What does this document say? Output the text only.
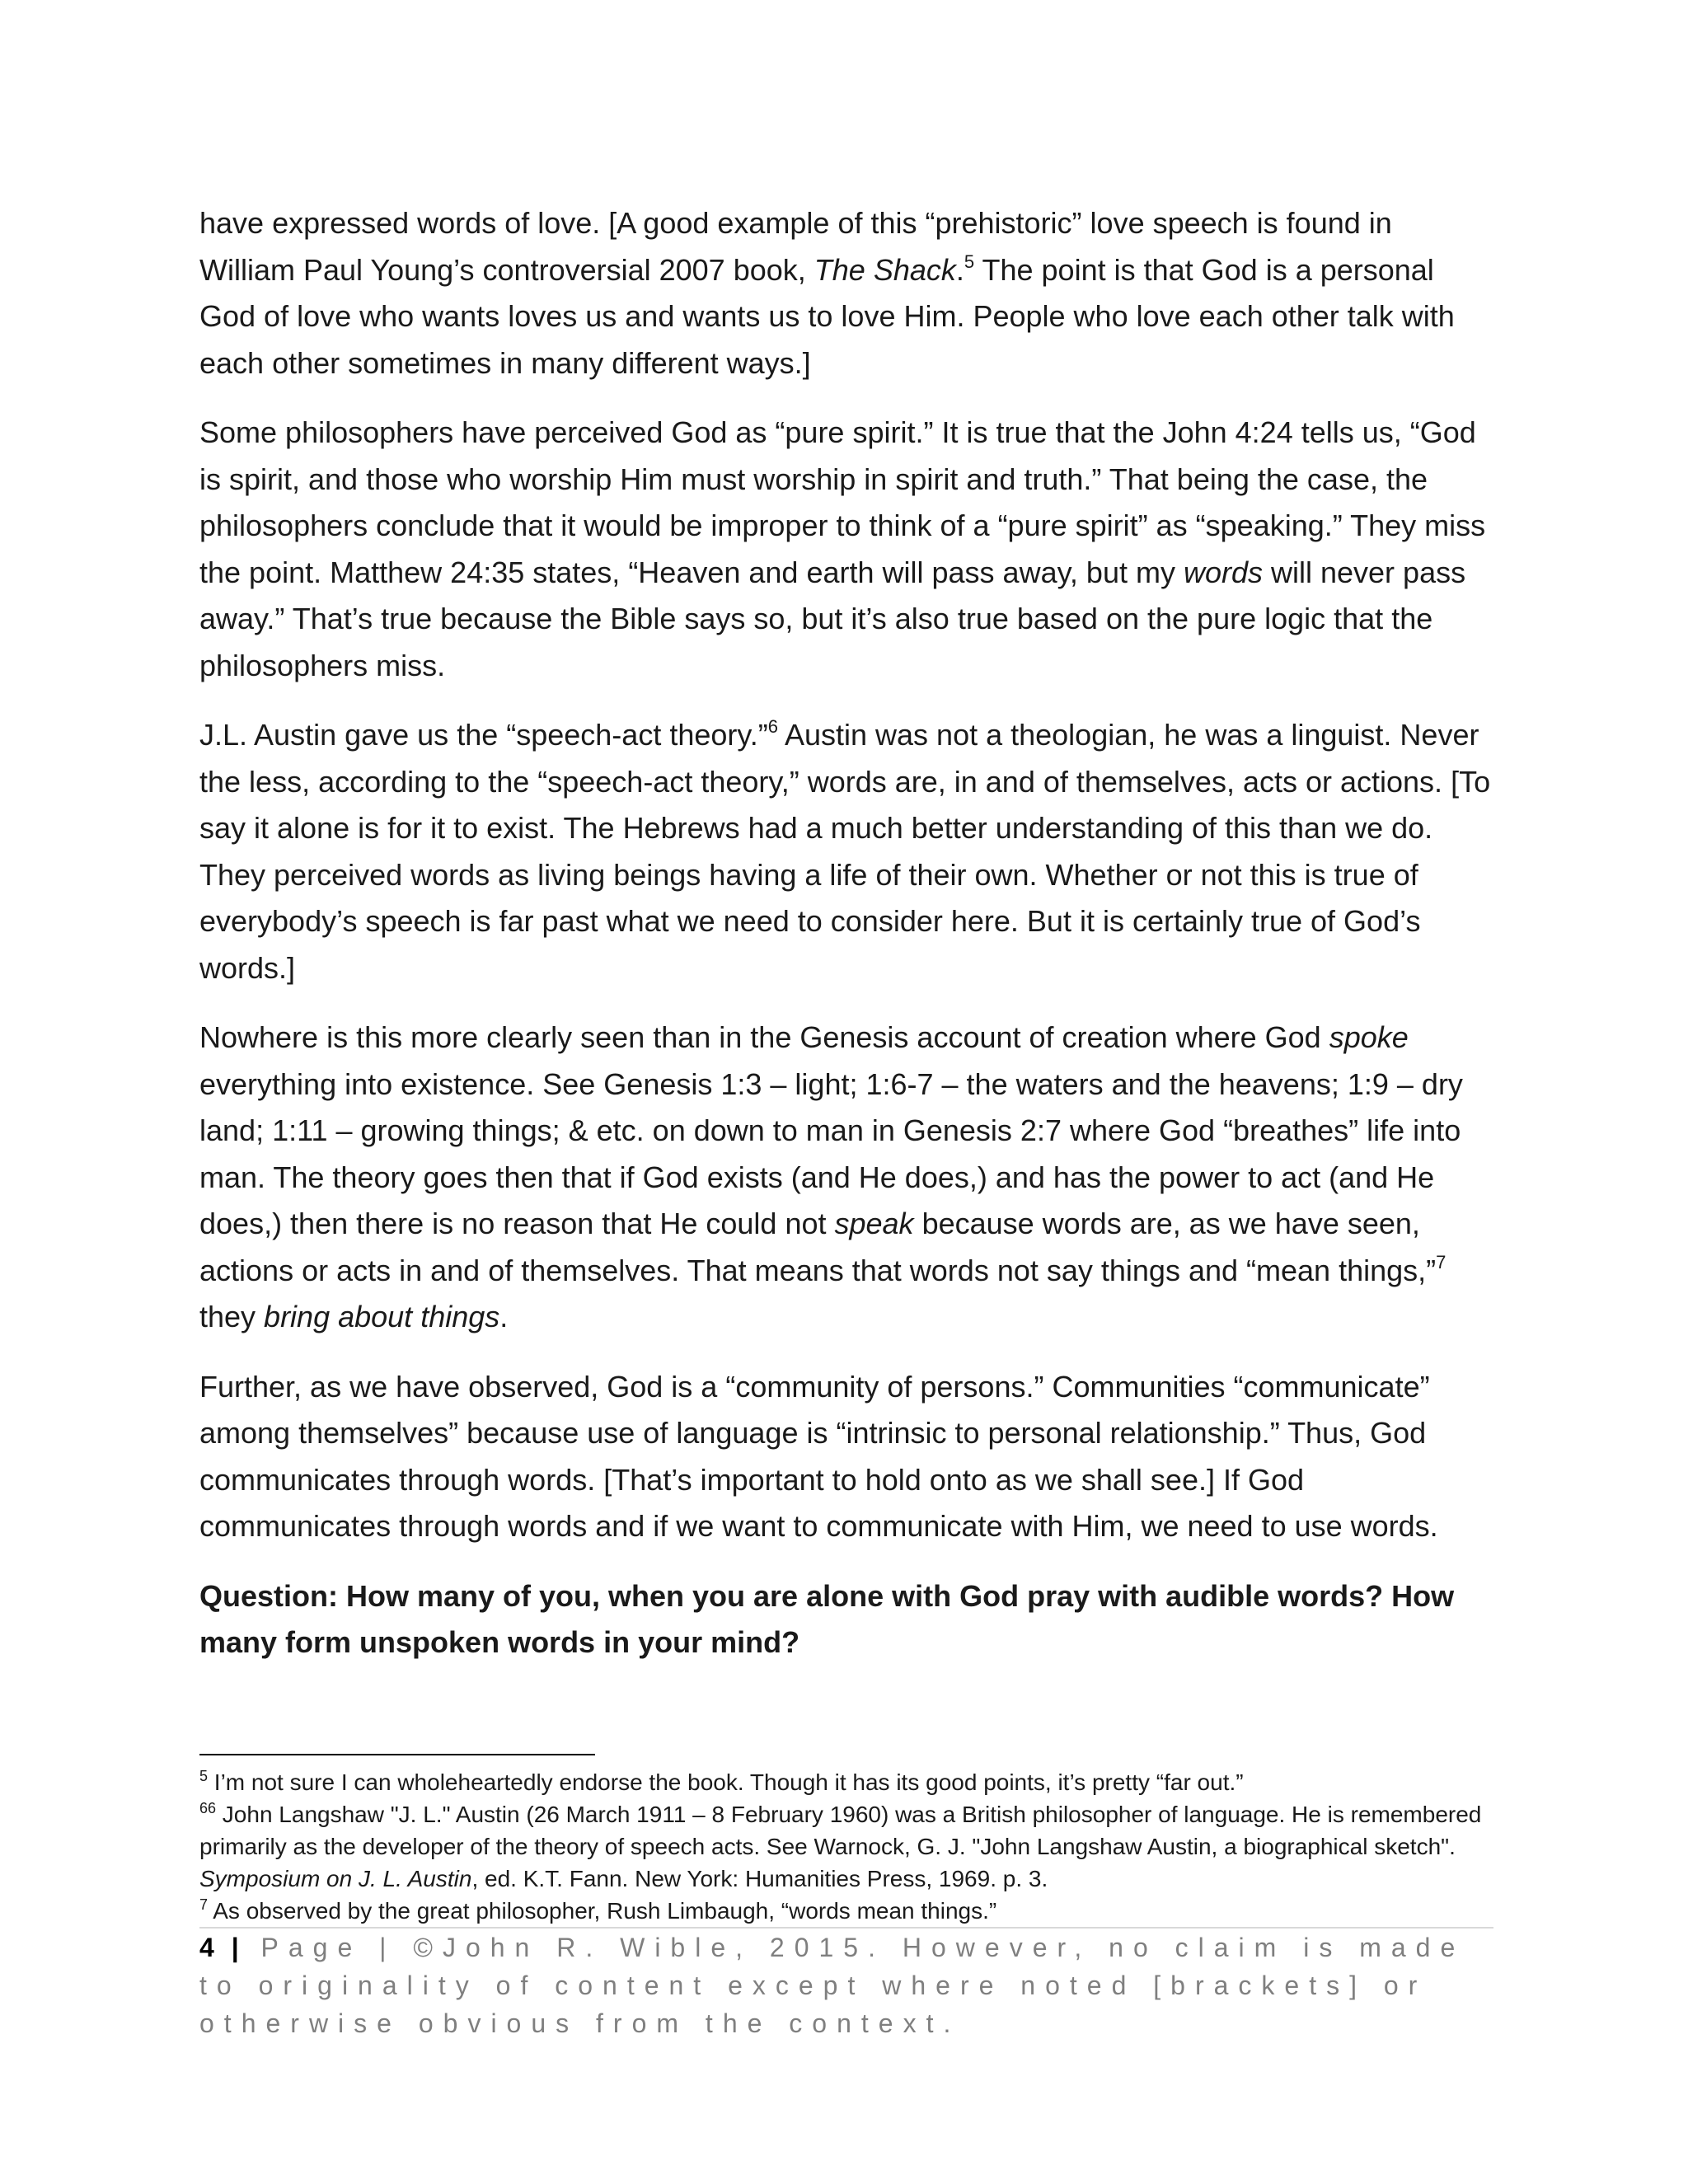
have expressed words of love. [A good example of this “prehistoric” love speech is found in William Paul Young’s controversial 2007 book, The Shack.$^5$ The point is that God is a personal God of love who wants loves us and wants us to love Him. People who love each other talk with each other sometimes in many different ways.]

Some philosophers have perceived God as “pure spirit.” It is true that the John 4:24 tells us, “God is spirit, and those who worship Him must worship in spirit and truth.” That being the case, the philosophers conclude that it would be improper to think of a “pure spirit” as “speaking.” They miss the point. Matthew 24:35 states, “Heaven and earth will pass away, but my words will never pass away.” That’s true because the Bible says so, but it’s also true based on the pure logic that the philosophers miss.

J.L. Austin gave us the “speech-act theory.”$^6$ Austin was not a theologian, he was a linguist. Never the less, according to the “speech-act theory,” words are, in and of themselves, acts or actions. [To say it alone is for it to exist. The Hebrews had a much better understanding of this than we do. They perceived words as living beings having a life of their own. Whether or not this is true of everybody’s speech is far past what we need to consider here. But it is certainly true of God’s words.]

Nowhere is this more clearly seen than in the Genesis account of creation where God spoke everything into existence. See Genesis 1:3 – light; 1:6-7 – the waters and the heavens; 1:9 – dry land; 1:11 – growing things; & etc. on down to man in Genesis 2:7 where God “breathes” life into man. The theory goes then that if God exists (and He does,) and has the power to act (and He does,) then there is no reason that He could not speak because words are, as we have seen, actions or acts in and of themselves. That means that words not say things and “mean things,”$^7$ they bring about things.

Further, as we have observed, God is a “community of persons.” Communities “communicate” among themselves” because use of language is “intrinsic to personal relationship.” Thus, God communicates through words. [That’s important to hold onto as we shall see.] If God communicates through words and if we want to communicate with Him, we need to use words.

Question: How many of you, when you are alone with God pray with audible words? How many form unspoken words in your mind?

$^5$ I’m not sure I can wholeheartedly endorse the book. Though it has its good points, it’s pretty “far out.”

$^{66}$ John Langshaw "J. L." Austin (26 March 1911 – 8 February 1960) was a British philosopher of language. He is remembered primarily as the developer of the theory of speech acts. See Warnock, G. J. "John Langshaw Austin, a biographical sketch". Symposium on J. L. Austin, ed. K.T. Fann. New York: Humanities Press, 1969. p. 3.

$^7$ As observed by the great philosopher, Rush Limbaugh, “words mean things.”

4 | Page | ©John R. Wible, 2015. However, no claim is made to originality of content except where noted [brackets] or otherwise obvious from the context.
